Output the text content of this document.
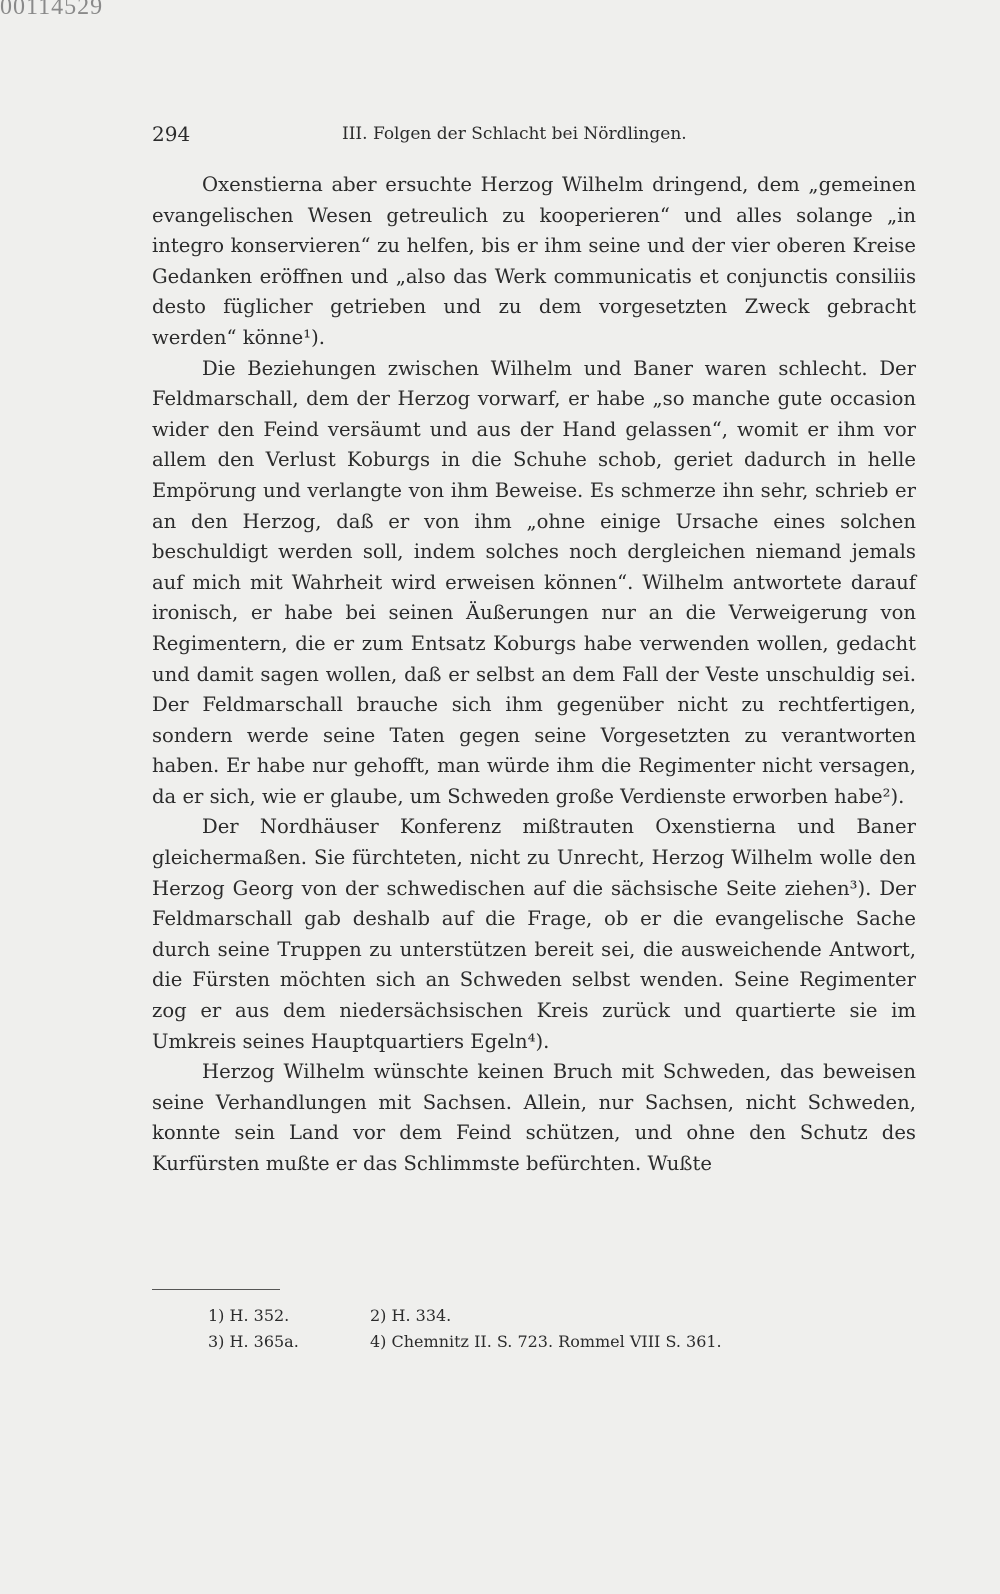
00114529
294	III. Folgen der Schlacht bei Nördlingen.

Oxenstierna aber ersuchte Herzog Wilhelm dringend, dem „gemeinen evangelischen Wesen getreulich zu kooperieren“ und alles solange „in integro konservieren“ zu helfen, bis er ihm seine und der vier oberen Kreise Gedanken eröffnen und „also das Werk communicatis et conjunctis consiliis desto füglicher getrieben und zu dem vorgesetzten Zweck gebracht werden“ könne¹).

Die Beziehungen zwischen Wilhelm und Baner waren schlecht. Der Feldmarschall, dem der Herzog vorwarf, er habe „so manche gute occasion wider den Feind versäumt und aus der Hand gelassen“, womit er ihm vor allem den Verlust Koburgs in die Schuhe schob, geriet dadurch in helle Empörung und verlangte von ihm Beweise. Es schmerze ihn sehr, schrieb er an den Herzog, daß er von ihm „ohne einige Ursache eines solchen beschuldigt werden soll, indem solches noch dergleichen niemand jemals auf mich mit Wahrheit wird erweisen können“. Wilhelm antwortete darauf ironisch, er habe bei seinen Äußerungen nur an die Verweigerung von Regimentern, die er zum Entsatz Koburgs habe verwenden wollen, gedacht und damit sagen wollen, daß er selbst an dem Fall der Veste unschuldig sei. Der Feldmarschall brauche sich ihm gegenüber nicht zu rechtfertigen, sondern werde seine Taten gegen seine Vorgesetzten zu verantworten haben. Er habe nur gehofft, man würde ihm die Regimenter nicht versagen, da er sich, wie er glaube, um Schweden große Verdienste erworben habe²).

Der Nordhäuser Konferenz mißtrauten Oxenstierna und Baner gleichermaßen. Sie fürchteten, nicht zu Unrecht, Herzog Wilhelm wolle den Herzog Georg von der schwedischen auf die sächsische Seite ziehen³). Der Feldmarschall gab deshalb auf die Frage, ob er die evangelische Sache durch seine Truppen zu unterstützen bereit sei, die ausweichende Antwort, die Fürsten möchten sich an Schweden selbst wenden. Seine Regimenter zog er aus dem niedersächsischen Kreis zurück und quartierte sie im Umkreis seines Hauptquartiers Egeln⁴).

Herzog Wilhelm wünschte keinen Bruch mit Schweden, das beweisen seine Verhandlungen mit Sachsen. Allein, nur Sachsen, nicht Schweden, konnte sein Land vor dem Feind schützen, und ohne den Schutz des Kurfürsten mußte er das Schlimmste befürchten. Wußte

1) H. 352.	2) H. 334.
3) H. 365a.	4) Chemnitz II. S. 723. Rommel VIII S. 361.
